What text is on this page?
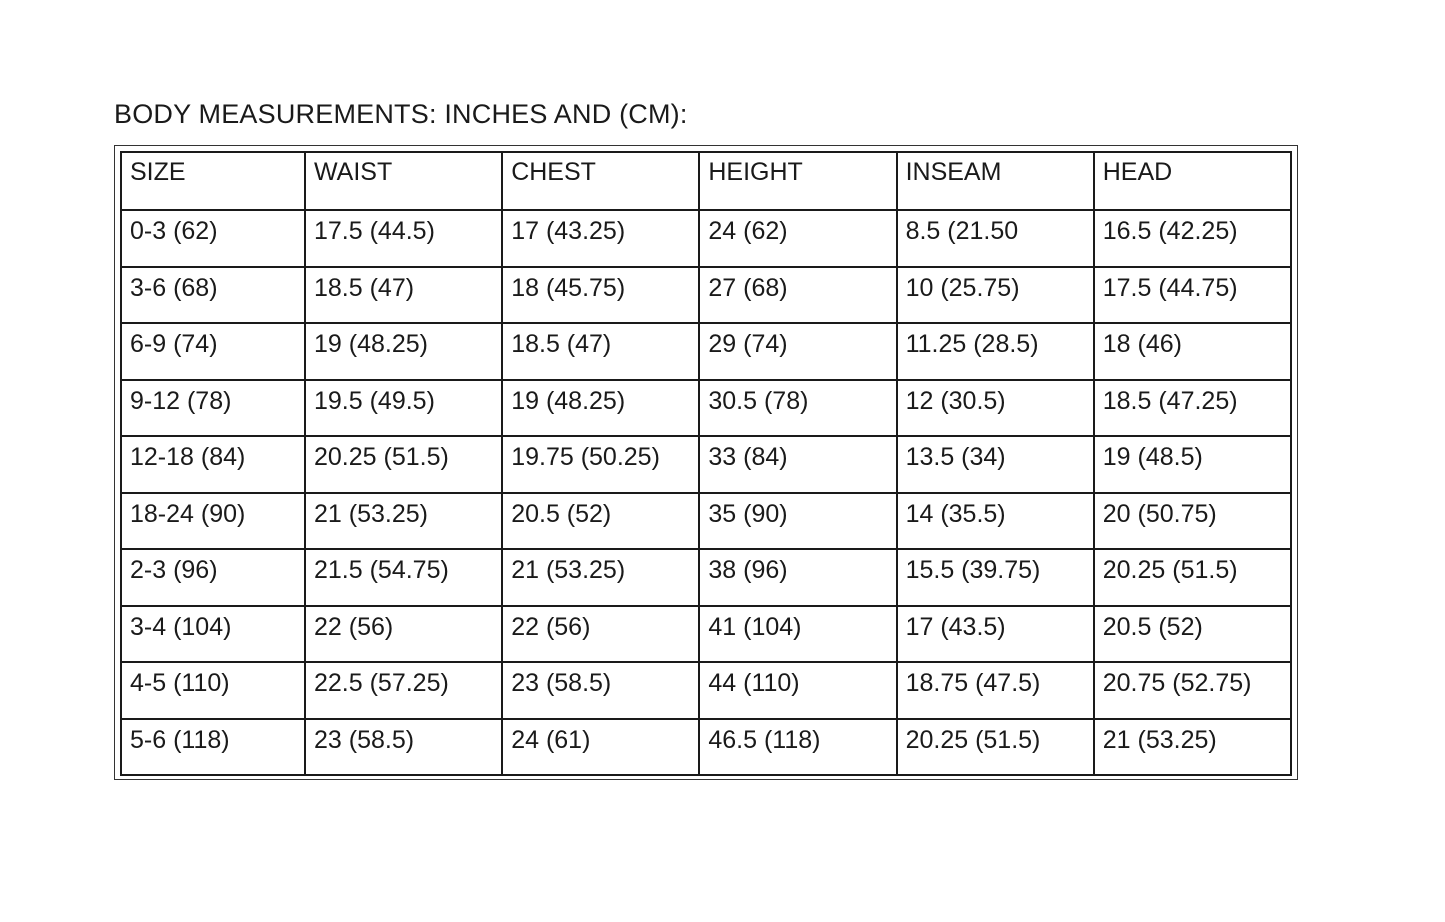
BODY MEASUREMENTS: INCHES AND (CM):
SIZE	WAIST	CHEST	HEIGHT	INSEAM	HEAD
0-3 (62)	17.5 (44.5)	17 (43.25)	24 (62)	8.5 (21.50	16.5 (42.25)
3-6 (68)	18.5 (47)	18 (45.75)	27 (68)	10 (25.75)	17.5 (44.75)
6-9 (74)	19 (48.25)	18.5 (47)	29 (74)	11.25 (28.5)	18 (46)
9-12 (78)	19.5 (49.5)	19 (48.25)	30.5 (78)	12 (30.5)	18.5 (47.25)
12-18 (84)	20.25 (51.5)	19.75 (50.25)	33 (84)	13.5 (34)	19 (48.5)
18-24 (90)	21 (53.25)	20.5 (52)	35 (90)	14 (35.5)	20 (50.75)
2-3 (96)	21.5 (54.75)	21 (53.25)	38 (96)	15.5 (39.75)	20.25 (51.5)
3-4 (104)	22 (56)	22 (56)	41 (104)	17 (43.5)	20.5 (52)
4-5 (110)	22.5 (57.25)	23 (58.5)	44 (110)	18.75 (47.5)	20.75 (52.75)
5-6 (118)	23 (58.5)	24 (61)	46.5 (118)	20.25 (51.5)	21 (53.25)
